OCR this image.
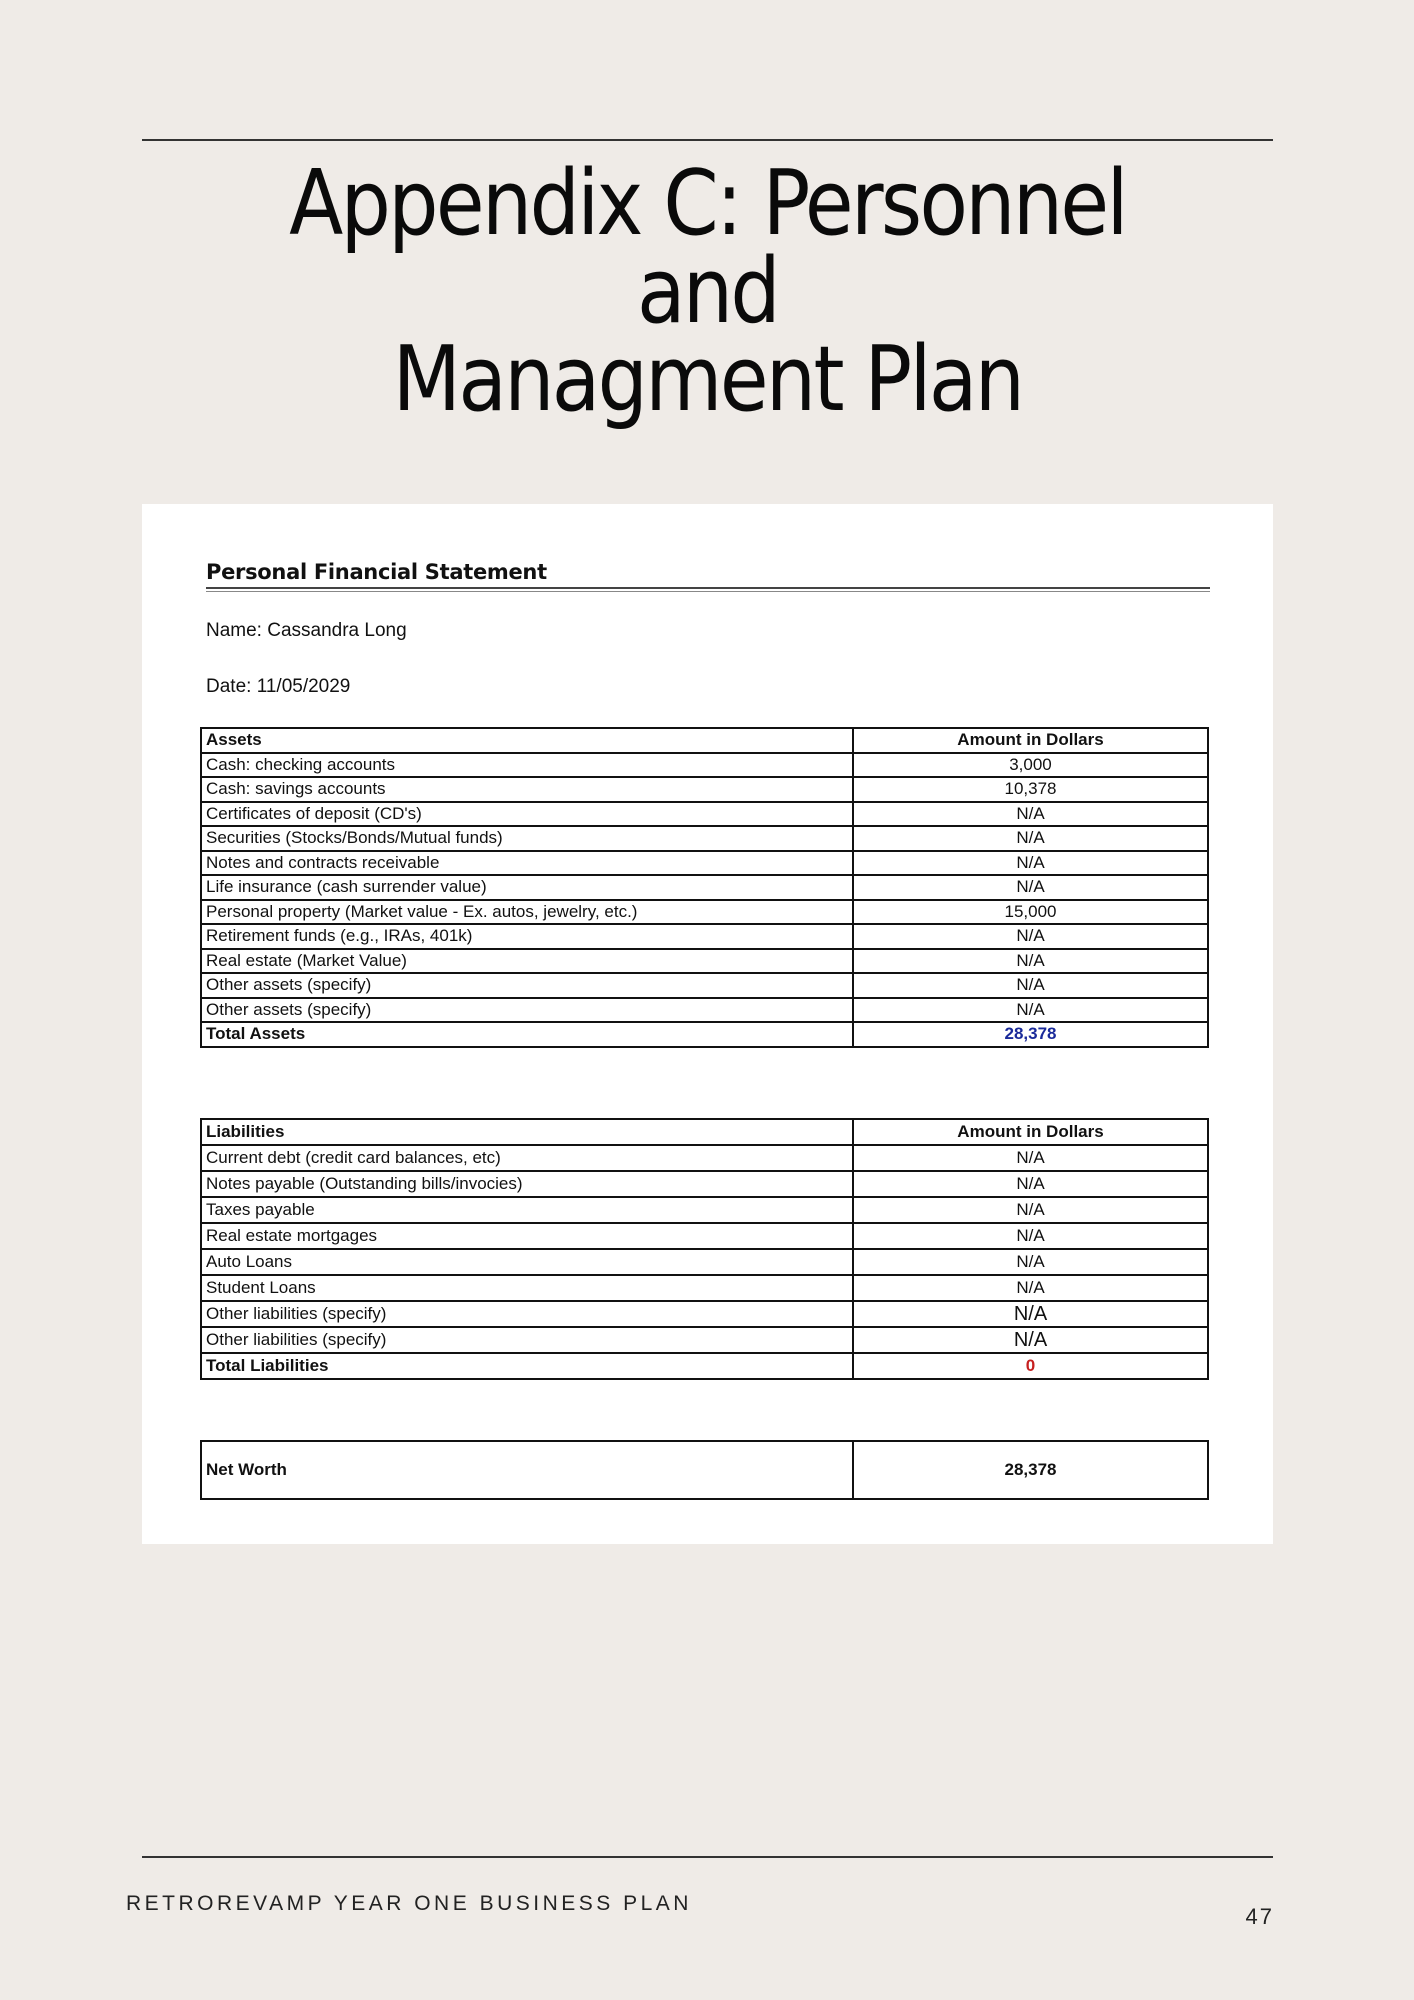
Appendix C: Personnel and
Managment Plan
Personal Financial Statement
Name: Cassandra Long
Date: 11/05/2029
Assets	Amount in Dollars
Cash: checking accounts	3,000
Cash: savings accounts	10,378
Certificates of deposit (CD's)	N/A
Securities (Stocks/Bonds/Mutual funds)	N/A
Notes and contracts receivable	N/A
Life insurance (cash surrender value)	N/A
Personal property (Market value - Ex. autos, jewelry, etc.)	15,000
Retirement funds (e.g., IRAs, 401k)	N/A
Real estate (Market Value)	N/A
Other assets (specify)	N/A
Other assets (specify)	N/A
Total Assets	28,378
Liabilities	Amount in Dollars
Current debt (credit card balances, etc)	N/A
Notes payable (Outstanding bills/invocies)	N/A
Taxes payable	N/A
Real estate mortgages	N/A
Auto Loans	N/A
Student Loans	N/A
Other liabilities (specify)	N/A
Other liabilities (specify)	N/A
Total Liabilities	0
Net Worth	28,378
RETROREVAMP YEAR ONE BUSINESS PLAN
47
